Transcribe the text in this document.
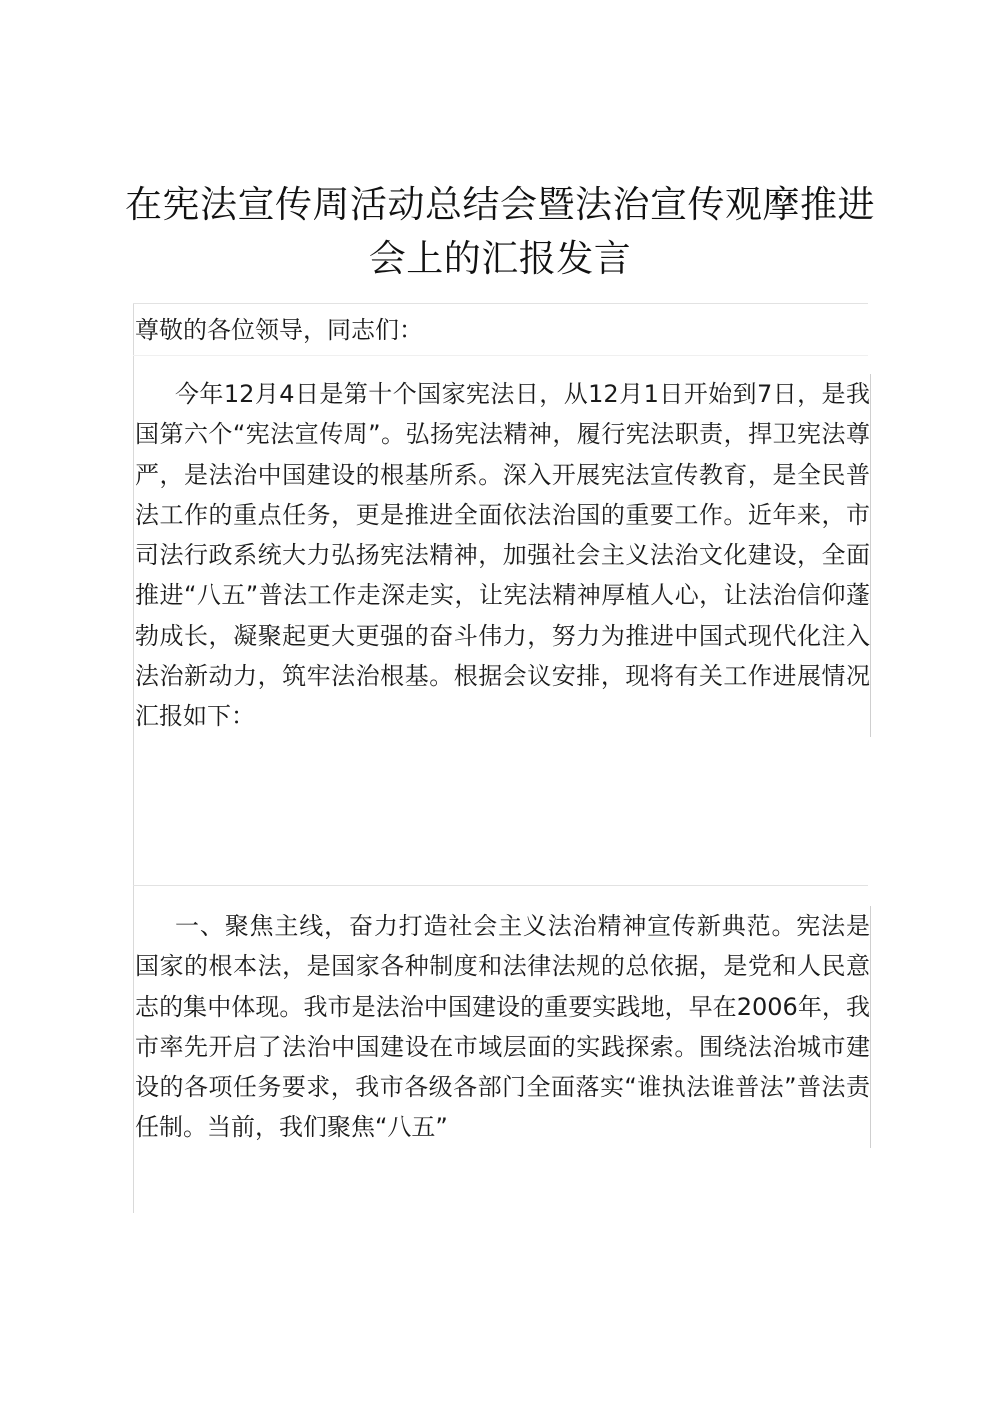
在宪法宣传周活动总结会暨法治宣传观摩推进
会上的汇报发言

尊敬的各位领导，同志们：

今年12月4日是第十个国家宪法日，从12月1日开始到7日，是我国第六个“宪法宣传周”。弘扬宪法精神，履行宪法职责，捍卫宪法尊严，是法治中国建设的根基所系。深入开展宪法宣传教育，是全民普法工作的重点任务，更是推进全面依法治国的重要工作。近年来，市司法行政系统大力弘扬宪法精神，加强社会主义法治文化建设，全面推进“八五”普法工作走深走实，让宪法精神厚植人心，让法治信仰蓬勃成长，凝聚起更大更强的奋斗伟力，努力为推进中国式现代化注入法治新动力，筑牢法治根基。根据会议安排，现将有关工作进展情况汇报如下：

一、聚焦主线，奋力打造社会主义法治精神宣传新典范。宪法是国家的根本法，是国家各种制度和法律法规的总依据，是党和人民意志的集中体现。我市是法治中国建设的重要实践地，早在2006年，我市率先开启了法治中国建设在市域层面的实践探索。围绕法治城市建设的各项任务要求，我市各级各部门全面落实“谁执法谁普法”普法责任制。当前，我们聚焦“八五”
